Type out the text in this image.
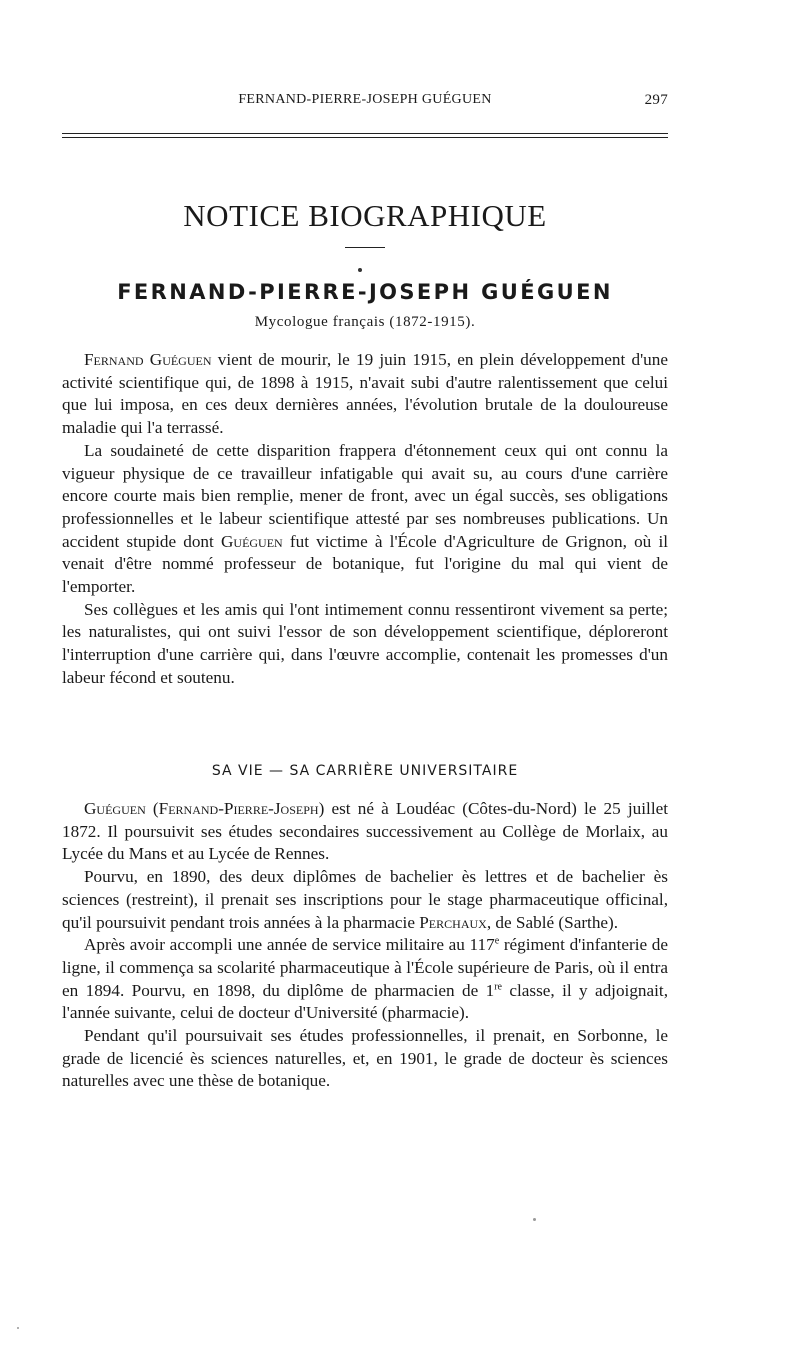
FERNAND-PIERRE-JOSEPH GUÉGUEN	297
NOTICE BIOGRAPHIQUE
FERNAND-PIERRE-JOSEPH GUÉGUEN
Mycologue français (1872-1915).

Fernand Guéguen vient de mourir, le 19 juin 1915, en plein développement d'une activité scientifique qui, de 1898 à 1915, n'avait subi d'autre ralentissement que celui que lui imposa, en ces deux dernières années, l'évolution brutale de la douloureuse maladie qui l'a terrassé.

La soudaineté de cette disparition frappera d'étonnement ceux qui ont connu la vigueur physique de ce travailleur infatigable qui avait su, au cours d'une carrière encore courte mais bien remplie, mener de front, avec un égal succès, ses obligations professionnelles et le labeur scientifique attesté par ses nombreuses publications. Un accident stupide dont Guéguen fut victime à l'École d'Agriculture de Grignon, où il venait d'être nommé professeur de botanique, fut l'origine du mal qui vient de l'emporter.

Ses collègues et les amis qui l'ont intimement connu ressentiront vivement sa perte; les naturalistes, qui ont suivi l'essor de son développement scientifique, déploreront l'interruption d'une carrière qui, dans l'œuvre accomplie, contenait les promesses d'un labeur fécond et soutenu.

SA VIE — SA CARRIÈRE UNIVERSITAIRE

Guéguen (Fernand-Pierre-Joseph) est né à Loudéac (Côtes-du-Nord) le 25 juillet 1872. Il poursuivit ses études secondaires successivement au Collège de Morlaix, au Lycée du Mans et au Lycée de Rennes.

Pourvu, en 1890, des deux diplômes de bachelier ès lettres et de bachelier ès sciences (restreint), il prenait ses inscriptions pour le stage pharmaceutique officinal, qu'il poursuivit pendant trois années à la pharmacie Perchaux, de Sablé (Sarthe).

Après avoir accompli une année de service militaire au 117e régiment d'infanterie de ligne, il commença sa scolarité pharmaceutique à l'École supérieure de Paris, où il entra en 1894. Pourvu, en 1898, du diplôme de pharmacien de 1re classe, il y adjoignait, l'année suivante, celui de docteur d'Université (pharmacie).

Pendant qu'il poursuivait ses études professionnelles, il prenait, en Sorbonne, le grade de licencié ès sciences naturelles, et, en 1901, le grade de docteur ès sciences naturelles avec une thèse de botanique.
